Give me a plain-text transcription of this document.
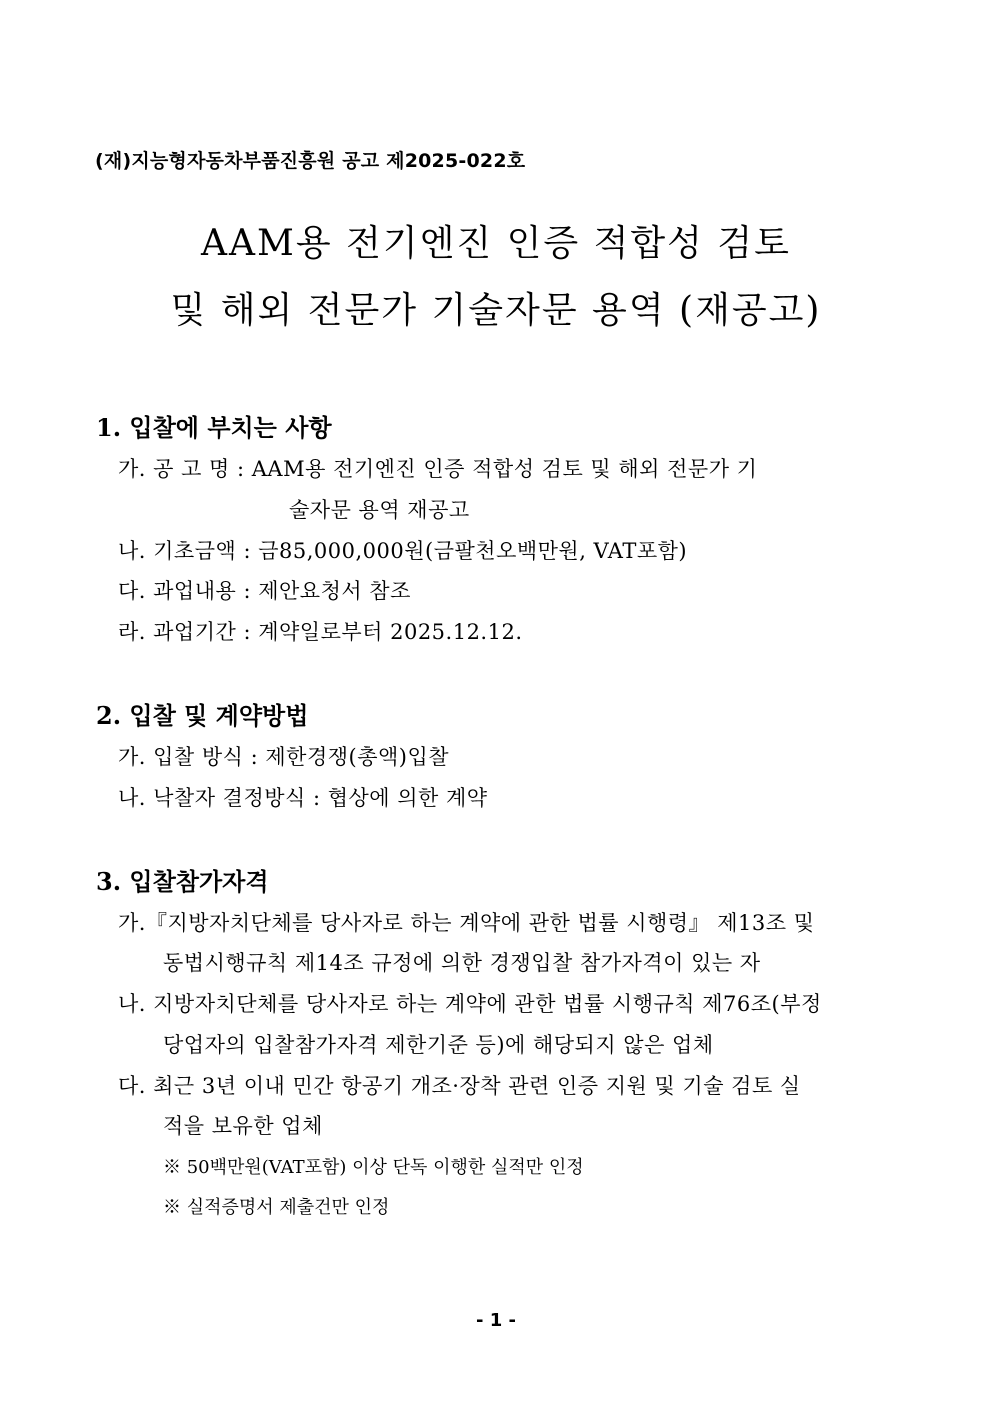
(재)지능형자동차부품진흥원 공고 제2025-022호
AAM용 전기엔진 인증 적합성 검토
및 해외 전문가 기술자문 용역 (재공고)
1. 입찰에 부치는 사항
가. 공 고 명 : AAM용 전기엔진 인증 적합성 검토 및 해외 전문가 기
술자문 용역 재공고
나. 기초금액 : 금85,000,000원(금팔천오백만원, VAT포함)
다. 과업내용 : 제안요청서 참조
라. 과업기간 : 계약일로부터 2025.12.12.
2. 입찰 및 계약방법
가. 입찰 방식 : 제한경쟁(총액)입찰
나. 낙찰자 결정방식 : 협상에 의한 계약
3. 입찰참가자격
가.『지방자치단체를 당사자로 하는 계약에 관한 법률 시행령』 제13조 및
동법시행규칙 제14조 규정에 의한 경쟁입찰 참가자격이 있는 자
나. 지방자치단체를 당사자로 하는 계약에 관한 법률 시행규칙 제76조(부정
당업자의 입찰참가자격 제한기준 등)에 해당되지 않은 업체
다. 최근 3년 이내 민간 항공기 개조·장착 관련 인증 지원 및 기술 검토 실
적을 보유한 업체
※ 50백만원(VAT포함) 이상 단독 이행한 실적만 인정
※ 실적증명서 제출건만 인정
- 1 -
